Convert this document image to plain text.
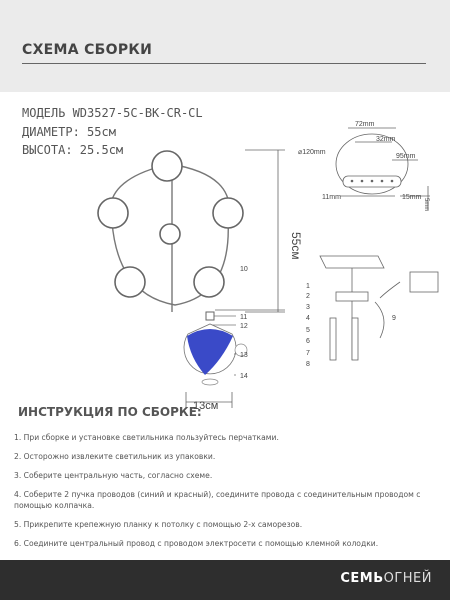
СХЕМА СБОРКИ
МОДЕЛЬ WD3527-5C-BK-CR-CL
ДИАМЕТР: 55см
ВЫСОТА: 25.5см
55см
10
11
12
13
14
13см
72mm
32mm
⌀120mm
95mm
11mm	15mm
5mm
1
2
3
4
5
6
7
8
9
ИНСТРУКЦИЯ ПО СБОРКЕ:
1. При сборке и установке светильника пользуйтесь перчатками.
2. Осторожно извлеките светильник из упаковки.
3. Соберите центральную часть, согласно схеме.
4. Соберите 2 пучка проводов (синий и красный), соедините провода с соединительным проводом с помощью колпачка.
5. Прикрепите крепежную планку к потолку с помощью 2-х саморезов.
6. Соедините центральный провод с проводом электросети с помощью клемной колодки.
СЕМЬОГНЕЙ
